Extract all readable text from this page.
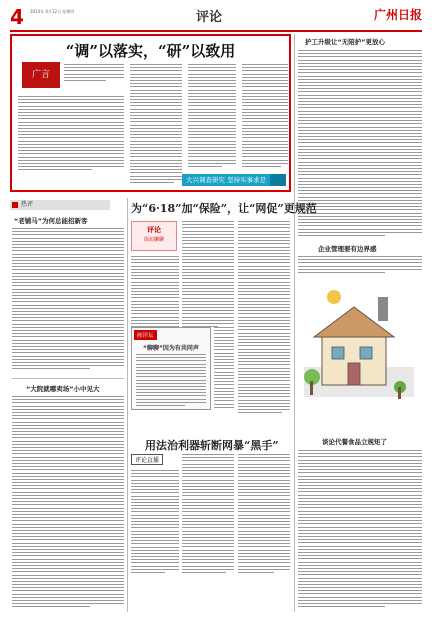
4 2014年 6月12日 星期四	评论	广州日报
“调”以落实，“研”以致用
广言
大兴调查研究 坚持实事求是
护工升级让“无陪护”更放心
企业管理要有边界感
谈论代餐食品立规矩了
热评
“老铺马”为何总能招新客
“大院就哪卖场”小中见大
为“6·18”加“保险”，让“网促”更规范
评论
街坊聊聊
画评坛
“聊聊”因为有共同声
用法治利器斩断网暴“黑手”
评论直播
